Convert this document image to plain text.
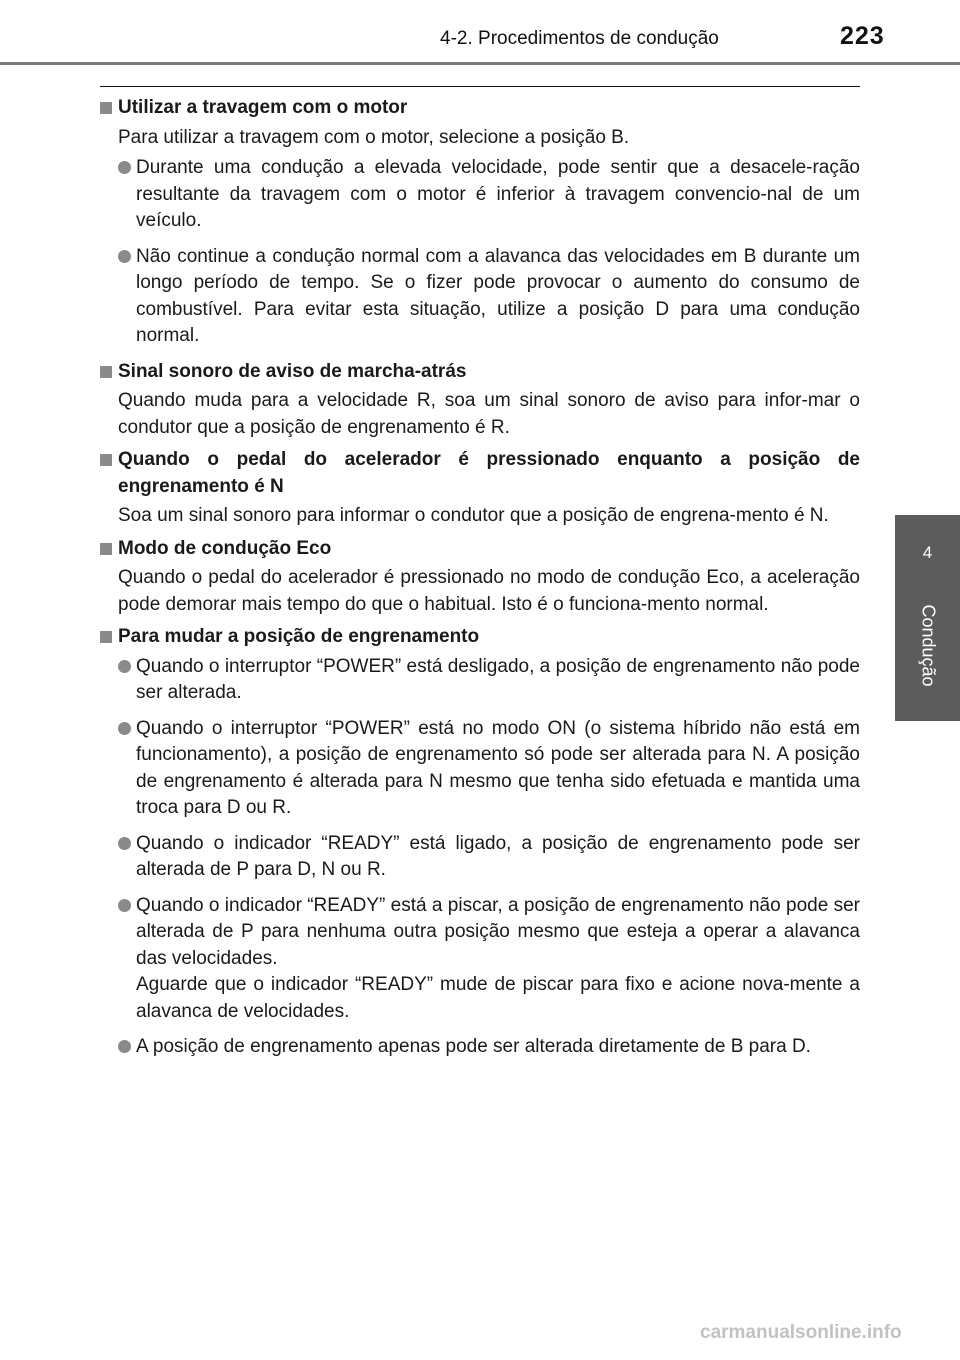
4-2. Procedimentos de condução	223
4
Condução
Utilizar a travagem com o motor
Para utilizar a travagem com o motor, selecione a posição B.

Durante uma condução a elevada velocidade, pode sentir que a desacele-ração resultante da travagem com o motor é inferior à travagem convencio-nal de um veículo.

Não continue a condução normal com a alavanca das velocidades em B durante um longo período de tempo. Se o fizer pode provocar o aumento do consumo de combustível. Para evitar esta situação, utilize a posição D para uma condução normal.

Sinal sonoro de aviso de marcha-atrás
Quando muda para a velocidade R, soa um sinal sonoro de aviso para infor-mar o condutor que a posição de engrenamento é R.
Quando o pedal do acelerador é pressionado enquanto a posição de engrenamento é N
Soa um sinal sonoro para informar o condutor que a posição de engrena-mento é N.
Modo de condução Eco
Quando o pedal do acelerador é pressionado no modo de condução Eco, a aceleração pode demorar mais tempo do que o habitual. Isto é o funciona-mento normal.
Para mudar a posição de engrenamento

Quando o interruptor “POWER” está desligado, a posição de engrenamento não pode ser alterada.

Quando o interruptor “POWER” está no modo ON (o sistema híbrido não está em funcionamento), a posição de engrenamento só pode ser alterada para N. A posição de engrenamento é alterada para N mesmo que tenha sido efetuada e mantida uma troca para D ou R.

Quando o indicador “READY” está ligado, a posição de engrenamento pode ser alterada de P para D, N ou R.

Quando o indicador “READY” está a piscar, a posição de engrenamento não pode ser alterada de P para nenhuma outra posição mesmo que esteja a operar a alavanca das velocidades.

Aguarde que o indicador “READY” mude de piscar para fixo e acione nova-mente a alavanca de velocidades.

A posição de engrenamento apenas pode ser alterada diretamente de B para D.

carmanualsonline.info
